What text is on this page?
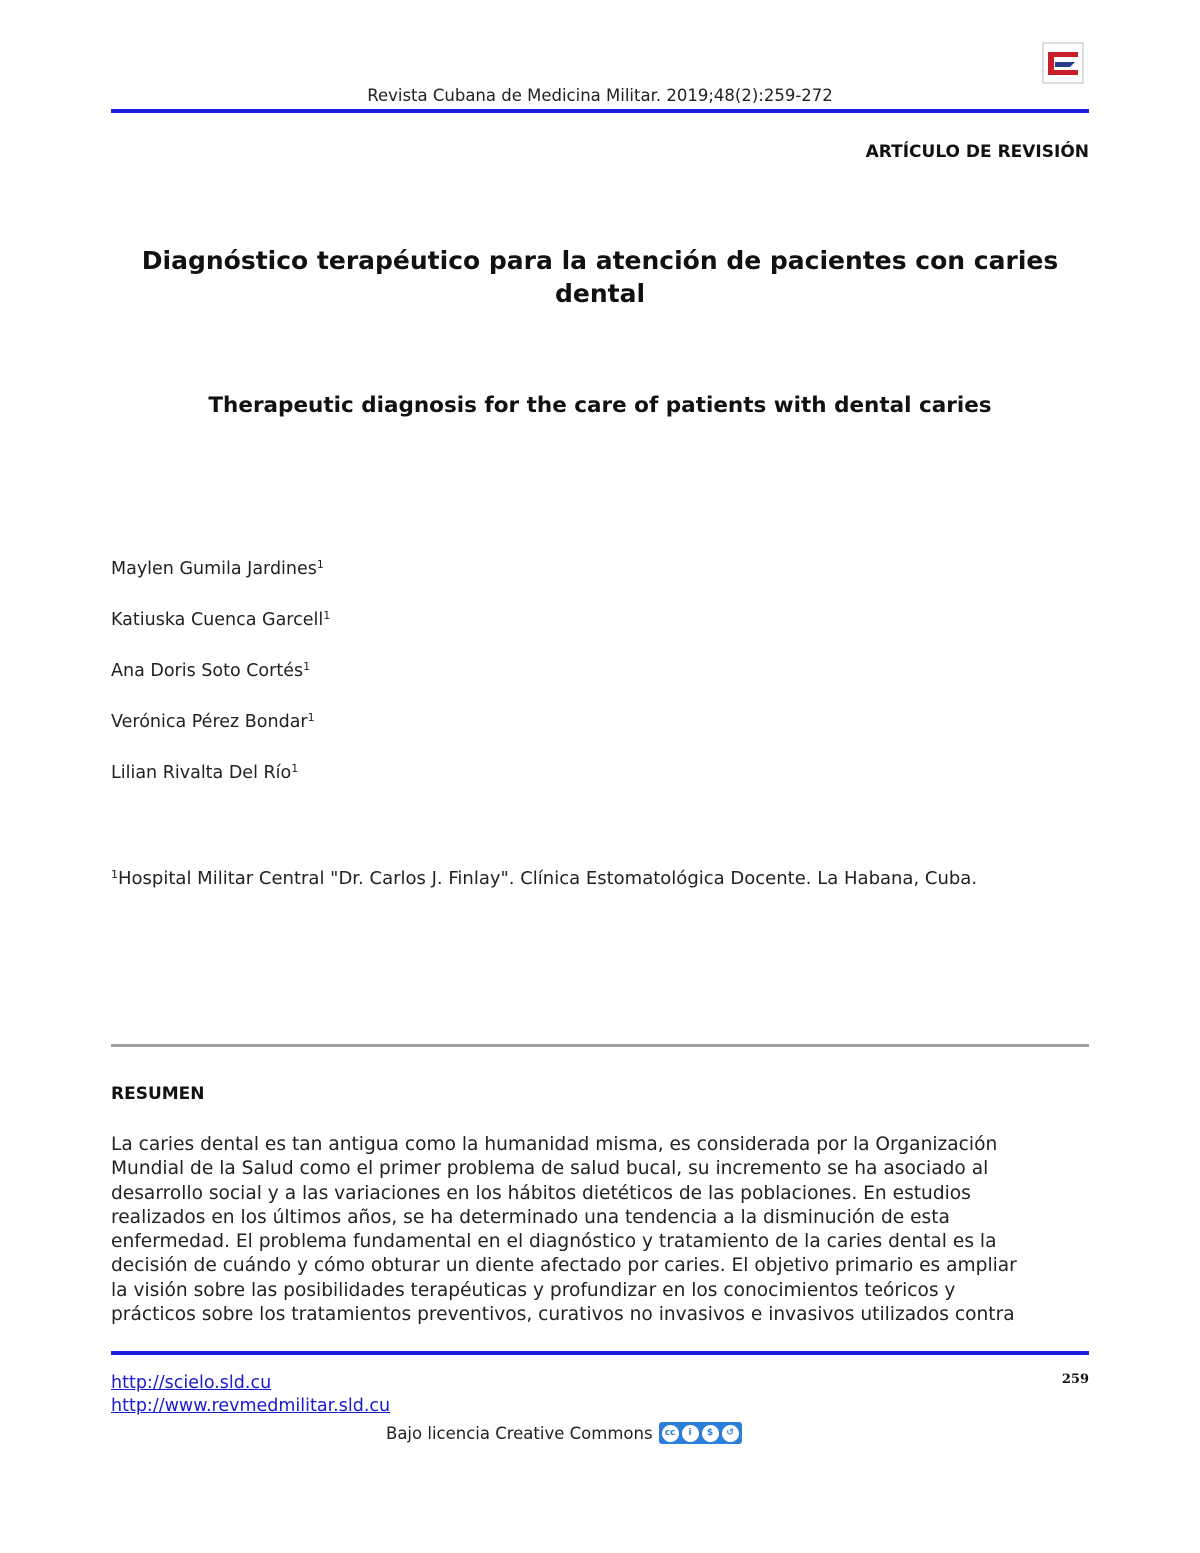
Revista Cubana de Medicina Militar. 2019;48(2):259-272
ARTÍCULO DE REVISIÓN
Diagnóstico terapéutico para la atención de pacientes con caries dental
Therapeutic diagnosis for the care of patients with dental caries
Maylen Gumila Jardines$^1$
Katiuska Cuenca Garcell$^1$
Ana Doris Soto Cortés$^1$
Verónica Pérez Bondar$^1$
Lilian Rivalta Del Río$^1$
$^1$Hospital Militar Central "Dr. Carlos J. Finlay". Clínica Estomatológica Docente. La Habana, Cuba.
RESUMEN
La caries dental es tan antigua como la humanidad misma, es considerada por la Organización
Mundial de la Salud como el primer problema de salud bucal, su incremento se ha asociado al
desarrollo social y a las variaciones en los hábitos dietéticos de las poblaciones. En estudios
realizados en los últimos años, se ha determinado una tendencia a la disminución de esta
enfermedad. El problema fundamental en el diagnóstico y tratamiento de la caries dental es la
decisión de cuándo y cómo obturar un diente afectado por caries. El objetivo primario es ampliar
la visión sobre las posibilidades terapéuticas y profundizar en los conocimientos teóricos y
prácticos sobre los tratamientos preventivos, curativos no invasivos e invasivos utilizados contra
http://scielo.sld.cu
http://www.revmedmilitar.sld.cu
259
Bajo licencia Creative Commons	cc	i	$	↺
